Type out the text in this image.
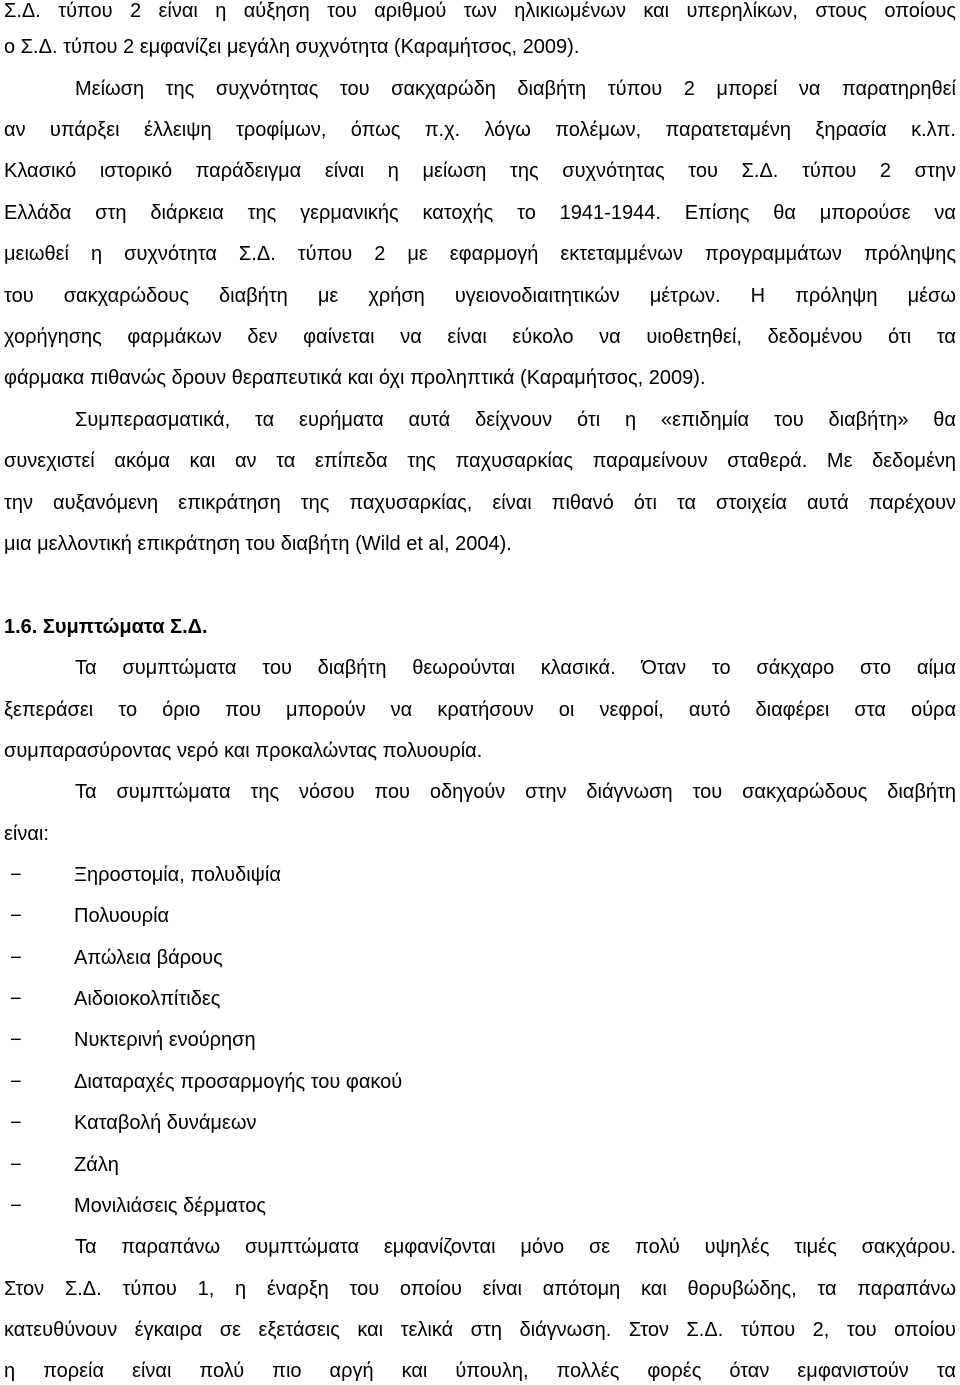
Σ.Δ. τύπου 2 είναι η αύξηση του αριθμού των ηλικιωμένων και υπερηλίκων, στους οποίους
ο Σ.Δ. τύπου 2 εμφανίζει μεγάλη συχνότητα (Καραμήτσος, 2009).
Μείωση της συχνότητας του σακχαρώδη διαβήτη τύπου 2 μπορεί να παρατηρηθεί
αν υπάρξει έλλειψη τροφίμων, όπως π.χ. λόγω πολέμων, παρατεταμένη ξηρασία κ.λπ.
Κλασικό ιστορικό παράδειγμα είναι η μείωση της συχνότητας του Σ.Δ. τύπου 2 στην
Ελλάδα στη διάρκεια της γερμανικής κατοχής το 1941-1944. Επίσης θα μπορούσε να
μειωθεί η συχνότητα Σ.Δ. τύπου 2 με εφαρμογή εκτεταμμένων προγραμμάτων πρόληψης
του σακχαρώδους διαβήτη με χρήση υγειονοδιαιτητικών μέτρων. Η πρόληψη μέσω
χορήγησης φαρμάκων δεν φαίνεται να είναι εύκολο να υιοθετηθεί, δεδομένου ότι τα
φάρμακα πιθανώς δρουν θεραπευτικά και όχι προληπτικά (Καραμήτσος, 2009).
Συμπερασματικά, τα ευρήματα αυτά δείχνουν ότι η «επιδημία του διαβήτη» θα
συνεχιστεί ακόμα και αν τα επίπεδα της παχυσαρκίας παραμείνουν σταθερά. Με δεδομένη
την αυξανόμενη επικράτηση της παχυσαρκίας, είναι πιθανό ότι τα στοιχεία αυτά παρέχουν
μια μελλοντική επικράτηση του διαβήτη (Wild et al, 2004).
1.6. Συμπτώματα Σ.Δ.
Τα συμπτώματα του διαβήτη θεωρούνται κλασικά. Όταν το σάκχαρο στο αίμα
ξεπεράσει το όριο που μπορούν να κρατήσουν οι νεφροί, αυτό διαφέρει στα ούρα
συμπαρασύροντας νερό και προκαλώντας πολυουρία.
Τα συμπτώματα της νόσου που οδηγούν στην διάγνωση του σακχαρώδους διαβήτη
είναι:
−	Ξηροστομία, πολυδιψία
−	Πολυουρία
−	Απώλεια βάρους
−	Αιδοιοκολπίτιδες
−	Νυκτερινή ενούρηση
−	Διαταραχές προσαρμογής του φακού
−	Καταβολή δυνάμεων
−	Ζάλη
−	Μονιλιάσεις δέρματος
Τα παραπάνω συμπτώματα εμφανίζονται μόνο σε πολύ υψηλές τιμές σακχάρου.
Στον Σ.Δ. τύπου 1, η έναρξη του οποίου είναι απότομη και θορυβώδης, τα παραπάνω
κατευθύνουν έγκαιρα σε εξετάσεις και τελικά στη διάγνωση. Στον Σ.Δ. τύπου 2, του οποίου
η πορεία είναι πολύ πιο αργή και ύπουλη, πολλές φορές όταν εμφανιστούν τα
